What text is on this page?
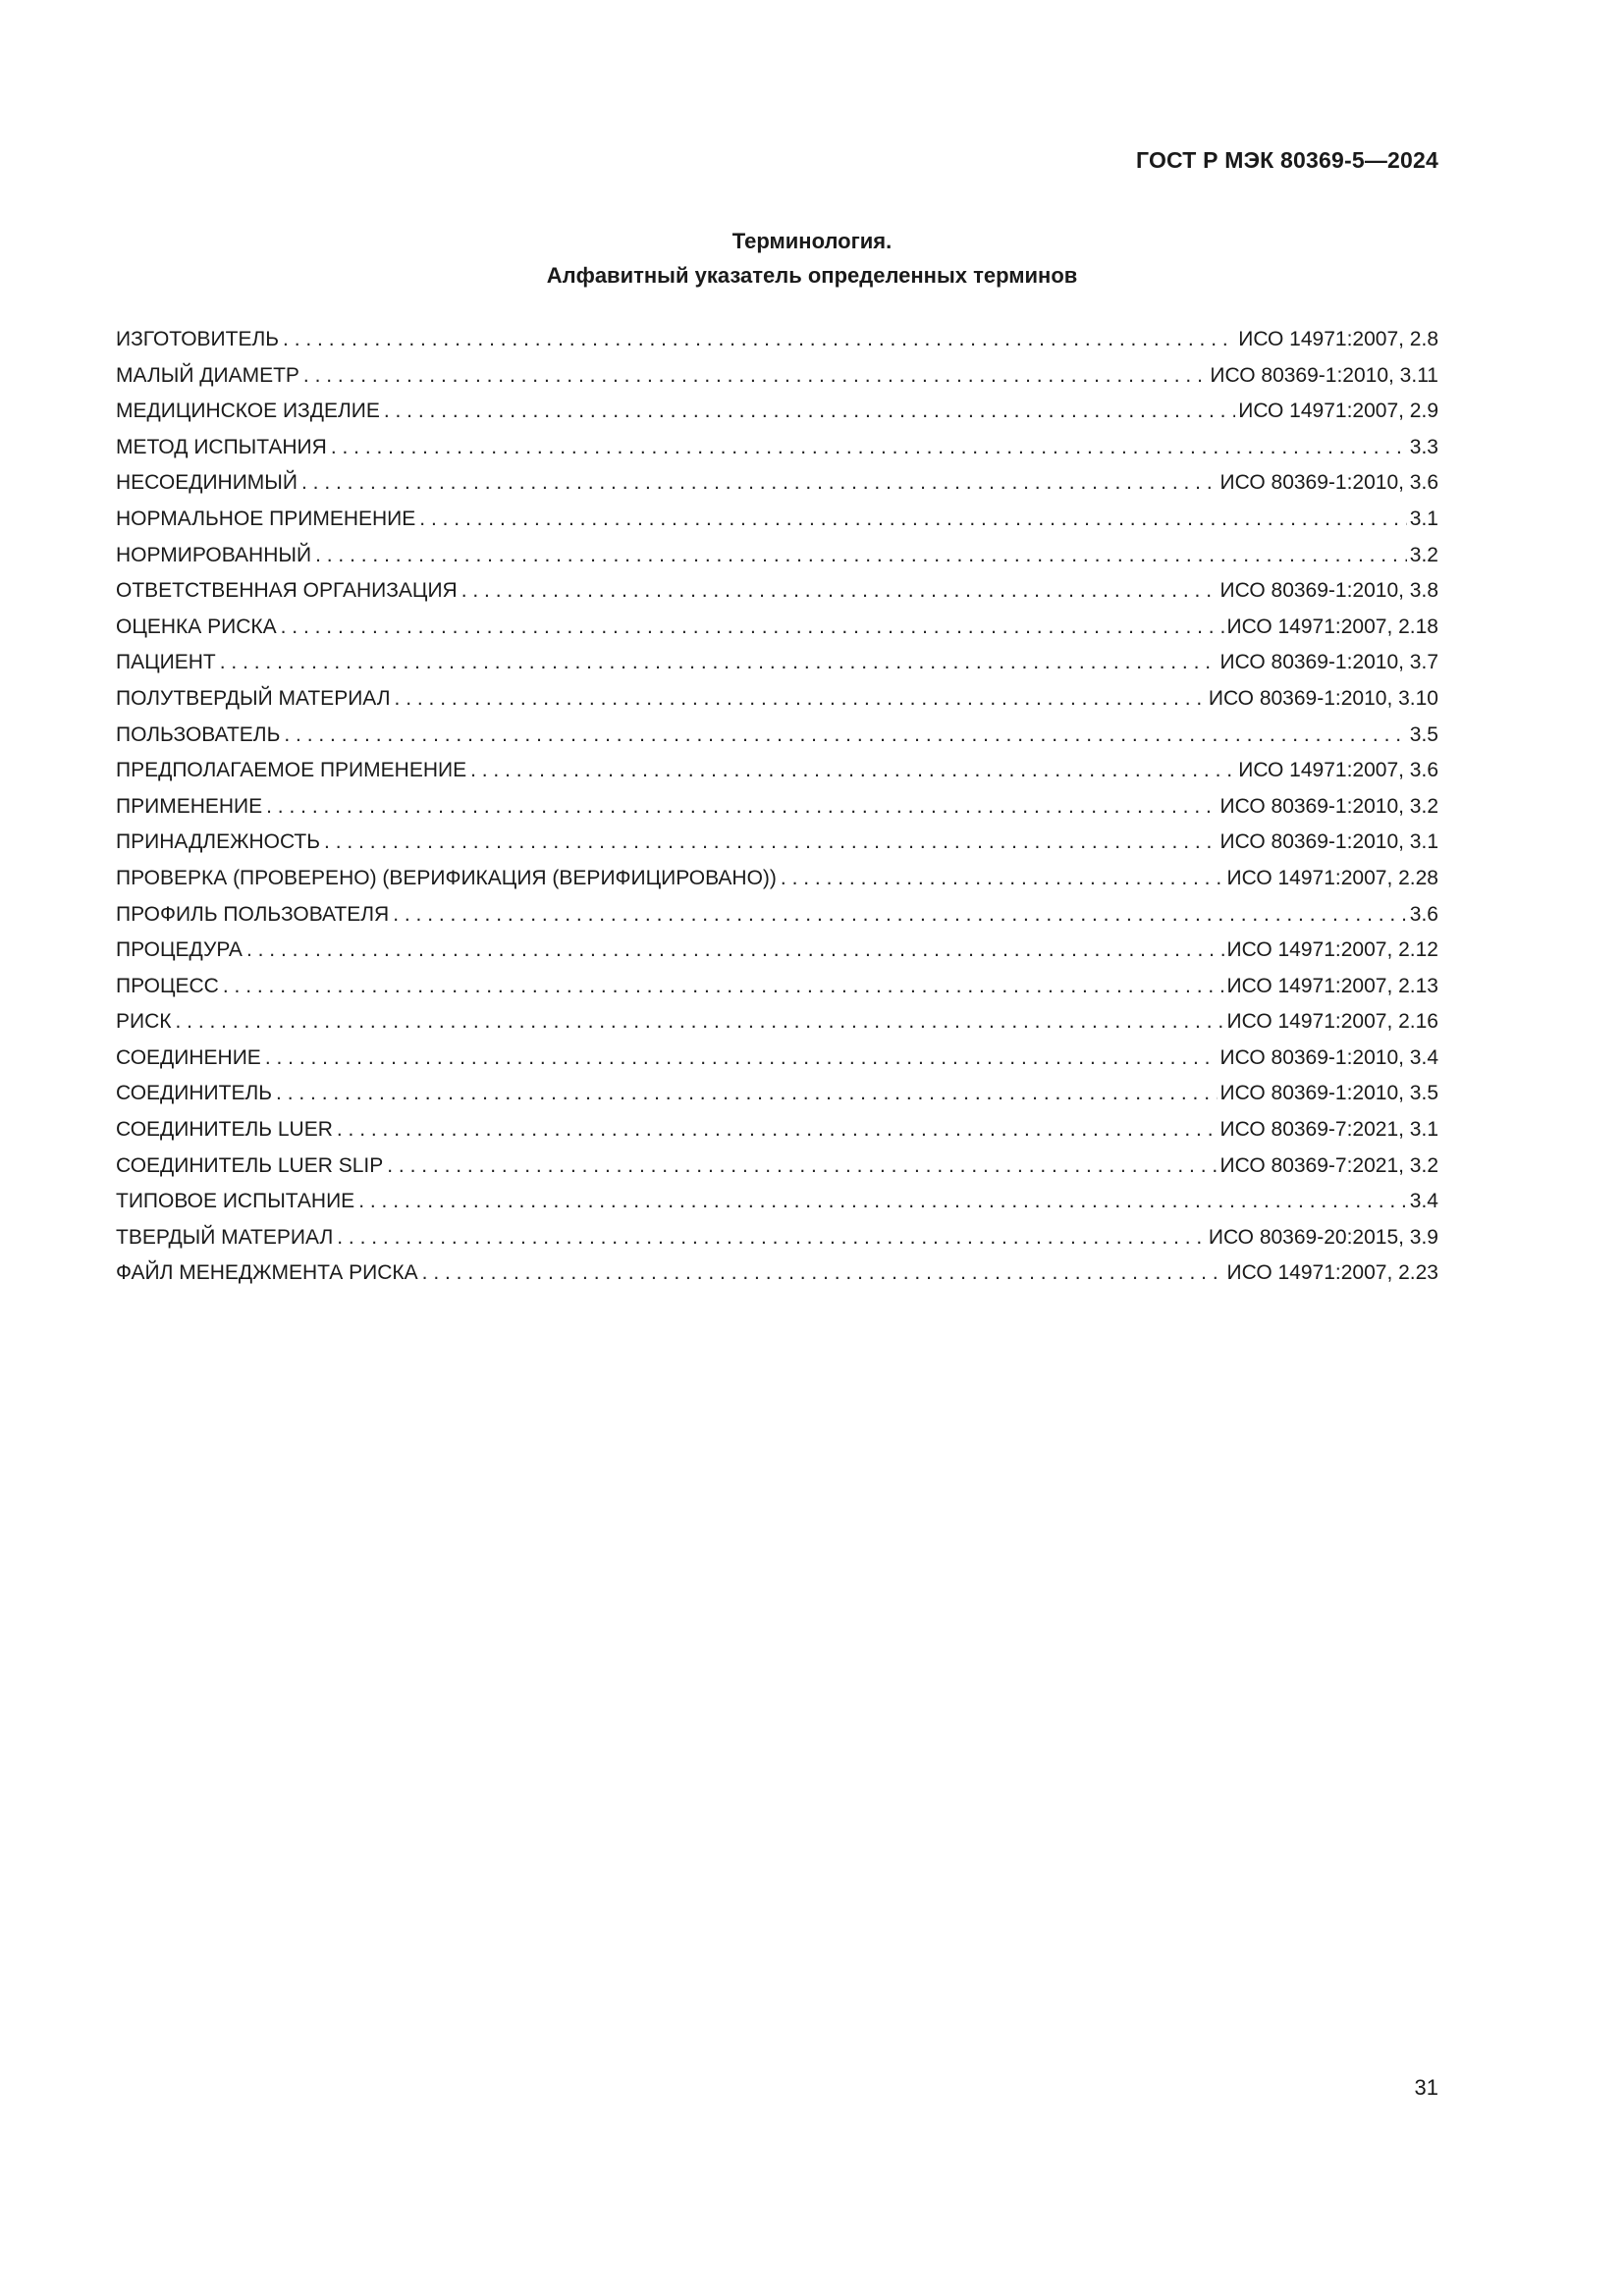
ГОСТ Р МЭК 80369-5—2024
Терминология.
Алфавитный указатель определенных терминов
ИЗГОТОВИТЕЛЬ . . .	ИСО 14971:2007, 2.8
МАЛЫЙ ДИАМЕТР . . .	ИСО 80369-1:2010, 3.11
МЕДИЦИНСКОЕ ИЗДЕЛИЕ . . .	ИСО 14971:2007, 2.9
МЕТОД ИСПЫТАНИЯ . . .	3.3
НЕСОЕДИНИМЫЙ . . .	ИСО 80369-1:2010, 3.6
НОРМАЛЬНОЕ ПРИМЕНЕНИЕ . . .	3.1
НОРМИРОВАННЫЙ . . .	3.2
ОТВЕТСТВЕННАЯ ОРГАНИЗАЦИЯ . . .	ИСО 80369-1:2010, 3.8
ОЦЕНКА РИСКА . . .	ИСО 14971:2007, 2.18
ПАЦИЕНТ . . .	ИСО 80369-1:2010, 3.7
ПОЛУТВЕРДЫЙ МАТЕРИАЛ . . .	ИСО 80369-1:2010, 3.10
ПОЛЬЗОВАТЕЛЬ . . .	3.5
ПРЕДПОЛАГАЕМОЕ ПРИМЕНЕНИЕ . . .	ИСО 14971:2007, 3.6
ПРИМЕНЕНИЕ . . .	ИСО 80369-1:2010, 3.2
ПРИНАДЛЕЖНОСТЬ . . .	ИСО 80369-1:2010, 3.1
ПРОВЕРКА (ПРОВЕРЕНО) (ВЕРИФИКАЦИЯ (ВЕРИФИЦИРОВАНО)) . . .	ИСО 14971:2007, 2.28
ПРОФИЛЬ ПОЛЬЗОВАТЕЛЯ . . .	3.6
ПРОЦЕДУРА . . .	ИСО 14971:2007, 2.12
ПРОЦЕСС . . .	ИСО 14971:2007, 2.13
РИСК . . .	ИСО 14971:2007, 2.16
СОЕДИНЕНИЕ . . .	ИСО 80369-1:2010, 3.4
СОЕДИНИТЕЛЬ . . .	ИСО 80369-1:2010, 3.5
СОЕДИНИТЕЛЬ LUER . . .	ИСО 80369-7:2021, 3.1
СОЕДИНИТЕЛЬ LUER SLIP . . .	ИСО 80369-7:2021, 3.2
ТИПОВОЕ ИСПЫТАНИЕ . . .	3.4
ТВЕРДЫЙ МАТЕРИАЛ . . .	ИСО 80369-20:2015, 3.9
ФАЙЛ МЕНЕДЖМЕНТА РИСКА . . .	ИСО 14971:2007, 2.23
31
